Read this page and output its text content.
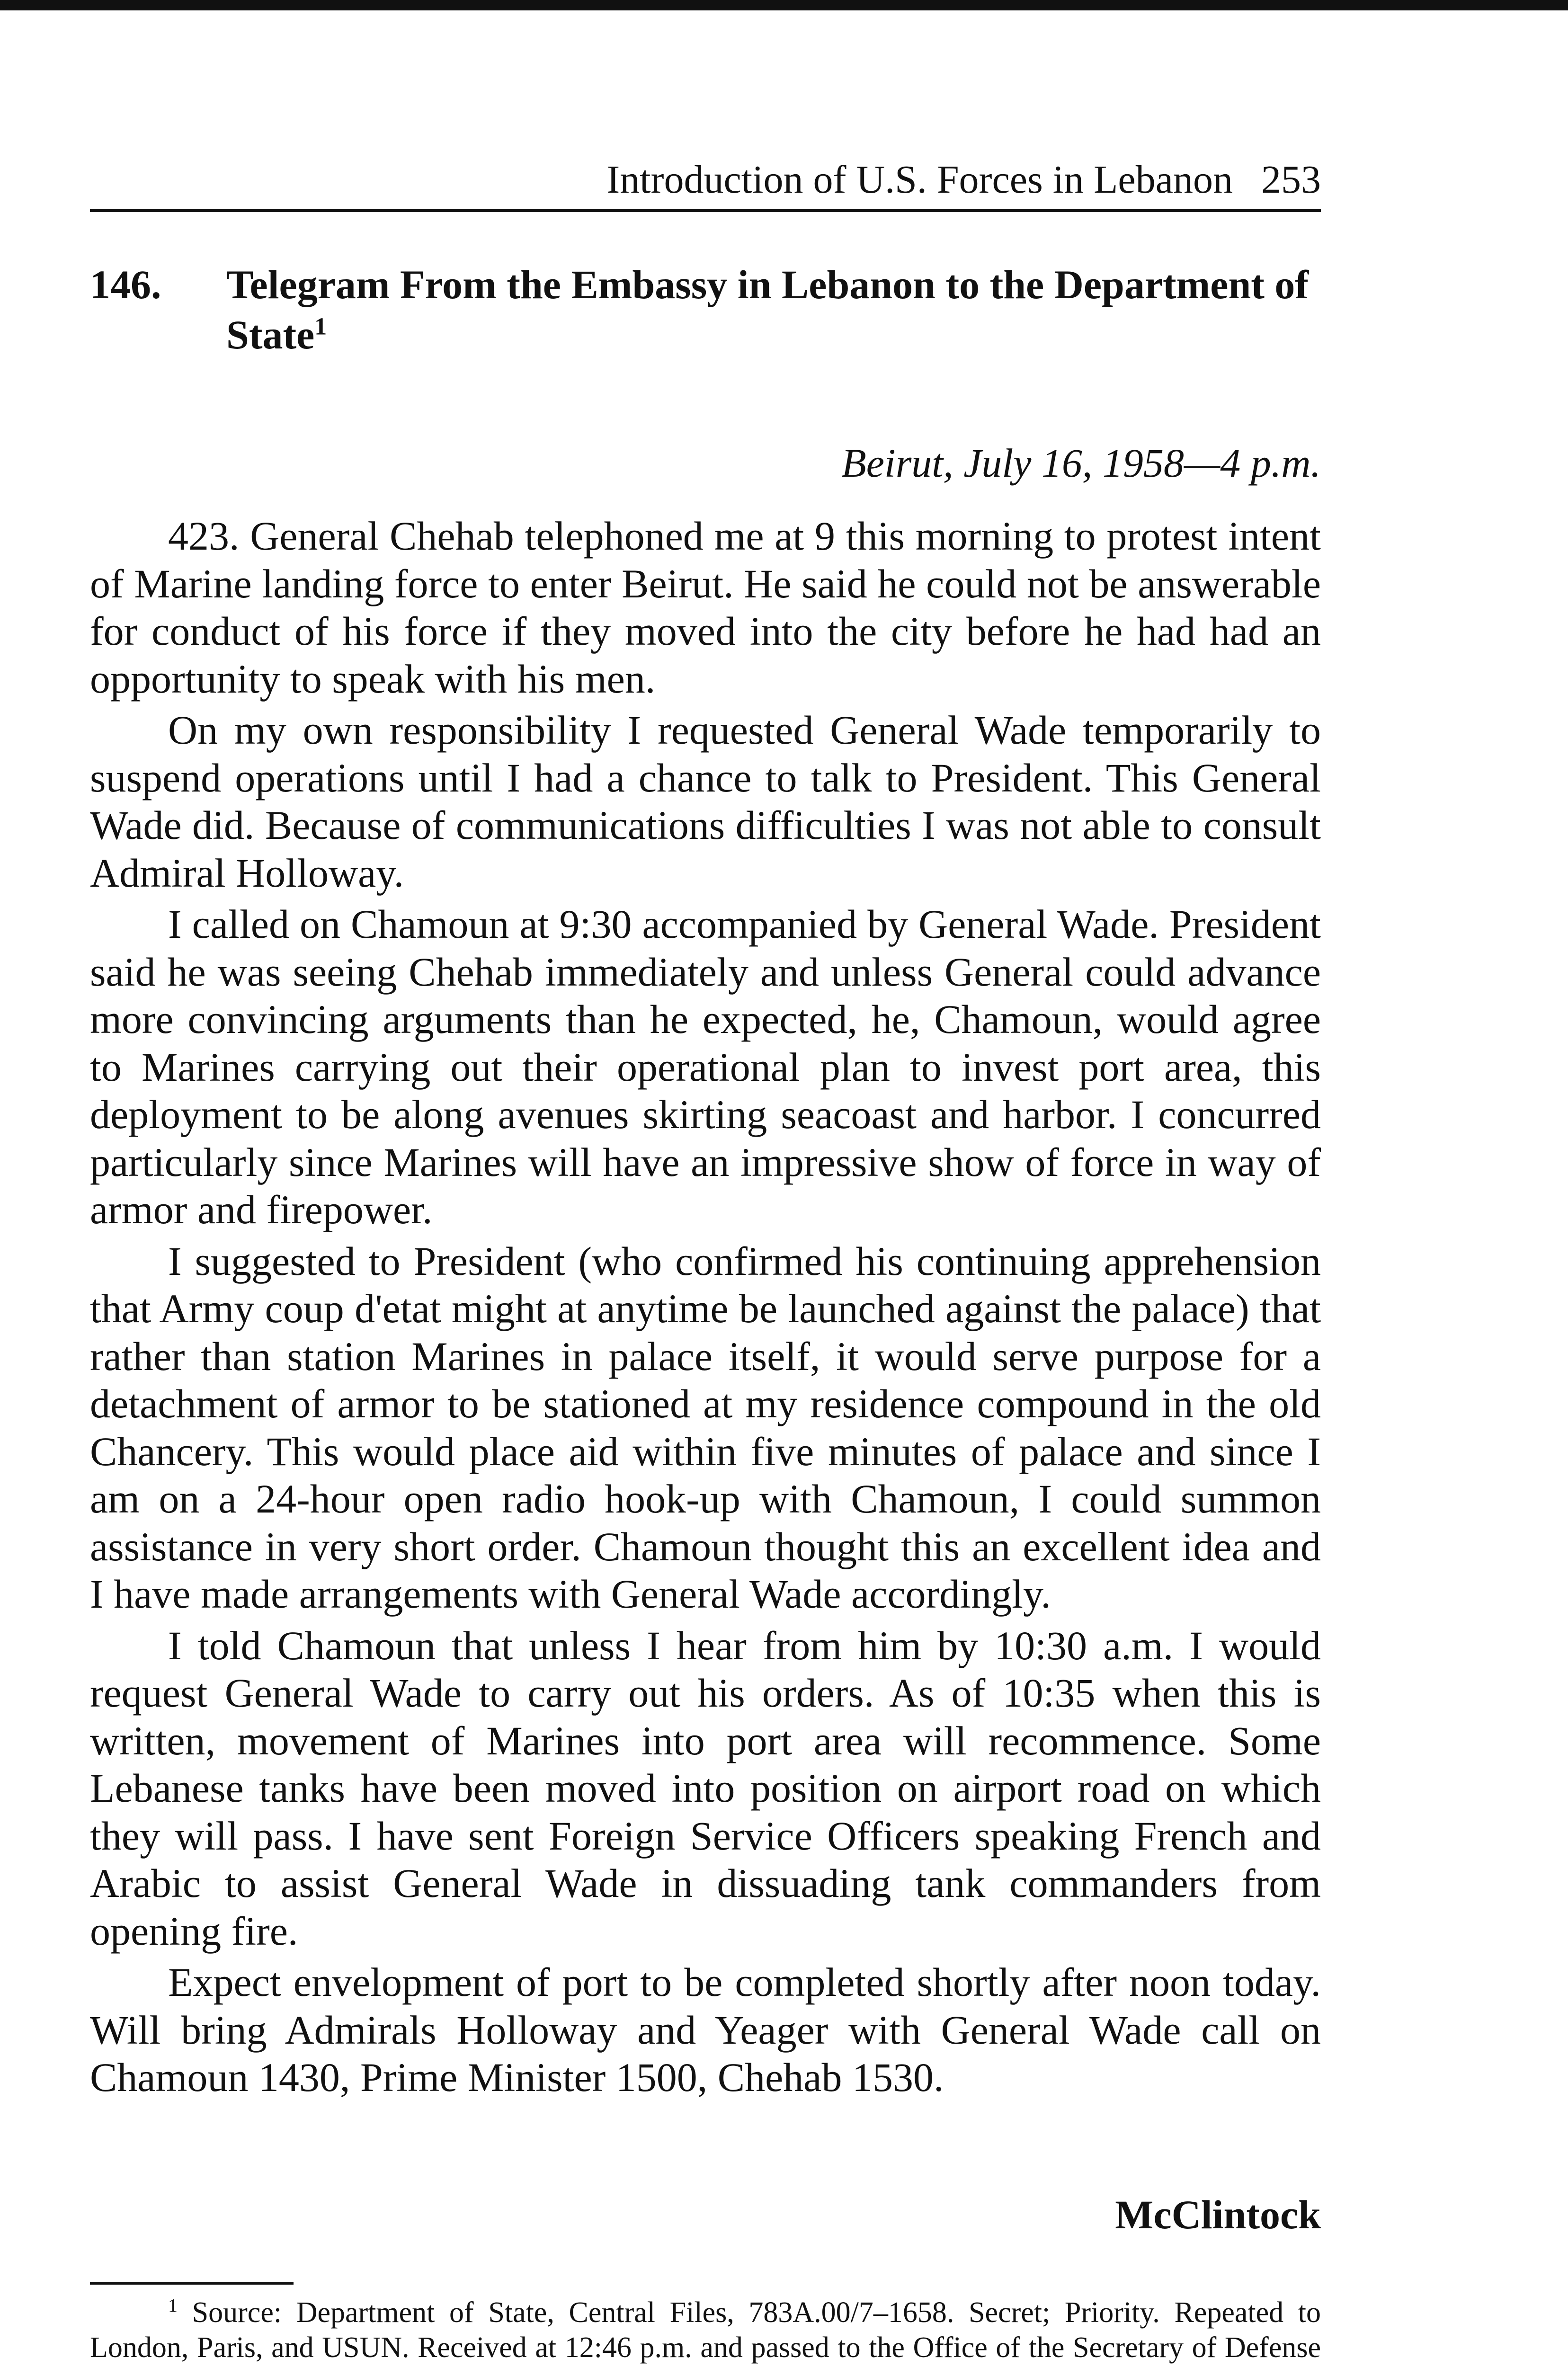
Introduction of U.S. Forces in Lebanon 253
146. Telegram From the Embassy in Lebanon to the Department of State$^1$
Beirut, July 16, 1958—4 p.m.

423. General Chehab telephoned me at 9 this morning to protest intent of Marine landing force to enter Beirut. He said he could not be answerable for conduct of his force if they moved into the city before he had had an opportunity to speak with his men.

On my own responsibility I requested General Wade temporarily to suspend operations until I had a chance to talk to President. This General Wade did. Because of communications difficulties I was not able to consult Admiral Holloway.

I called on Chamoun at 9:30 accompanied by General Wade. President said he was seeing Chehab immediately and unless General could advance more convincing arguments than he expected, he, Chamoun, would agree to Marines carrying out their operational plan to invest port area, this deployment to be along avenues skirting seacoast and harbor. I concurred particularly since Marines will have an impressive show of force in way of armor and firepower.

I suggested to President (who confirmed his continuing apprehension that Army coup d'etat might at anytime be launched against the palace) that rather than station Marines in palace itself, it would serve purpose for a detachment of armor to be stationed at my residence compound in the old Chancery. This would place aid within five minutes of palace and since I am on a 24-hour open radio hook-up with Chamoun, I could summon assistance in very short order. Chamoun thought this an excellent idea and I have made arrangements with General Wade accordingly.

I told Chamoun that unless I hear from him by 10:30 a.m. I would request General Wade to carry out his orders. As of 10:35 when this is written, movement of Marines into port area will recommence. Some Lebanese tanks have been moved into position on airport road on which they will pass. I have sent Foreign Service Officers speaking French and Arabic to assist General Wade in dissuading tank commanders from opening fire.

Expect envelopment of port to be completed shortly after noon today. Will bring Admirals Holloway and Yeager with General Wade call on Chamoun 1430, Prime Minister 1500, Chehab 1530.

McClintock
$^1$ Source: Department of State, Central Files, 783A.00/7–1658. Secret; Priority. Repeated to London, Paris, and USUN. Received at 12:46 p.m. and passed to the Office of the Secretary of Defense
